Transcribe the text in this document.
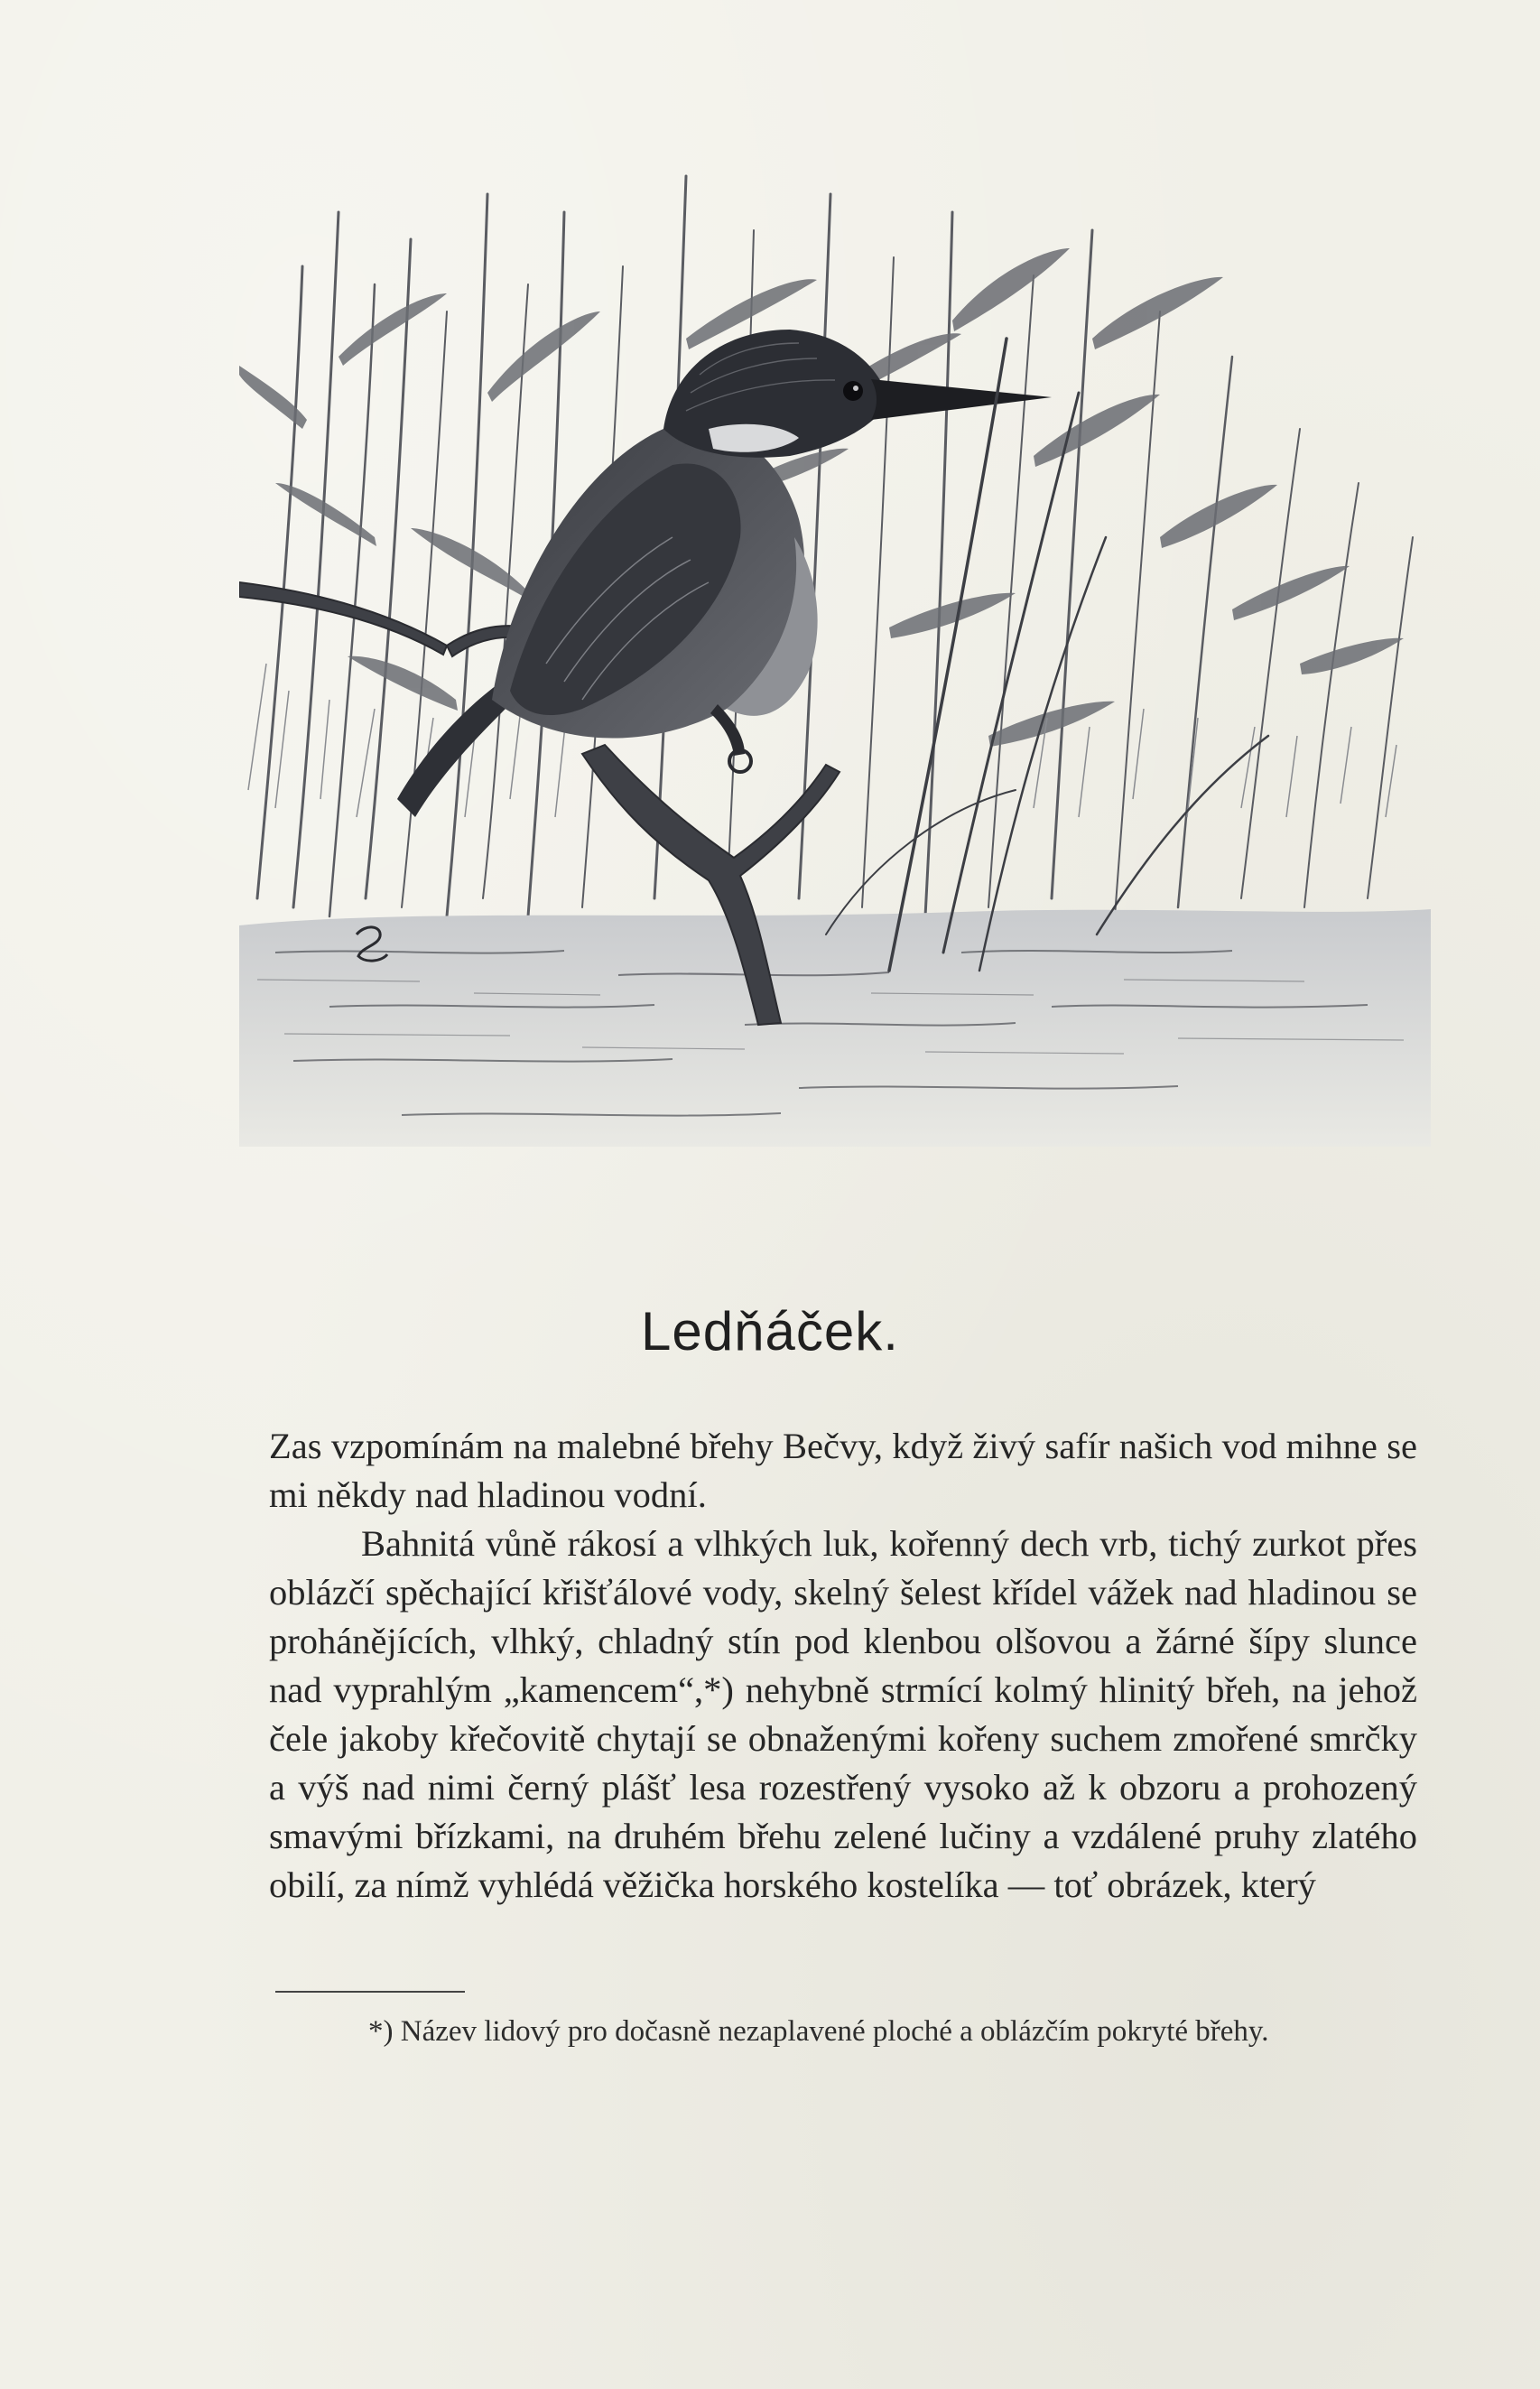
Ledňáček.

Zas vzpomínám na malebné břehy Bečvy, když živý safír našich vod mihne se mi někdy nad hladinou vodní.

Bahnitá vůně rákosí a vlhkých luk, kořenný dech vrb, tichý zurkot přes oblázčí spěchající křišťálové vody, skelný šelest křídel vážek nad hladinou se prohánějících, vlhký, chladný stín pod klenbou olšovou a žárné šípy slunce nad vyprahlým „kamencem“,*) nehybně strmící kolmý hlinitý břeh, na jehož čele jakoby křečovitě chytají se obnaženými kořeny suchem zmořené smrčky a výš nad nimi černý plášť lesa rozestřený vysoko až k obzoru a prohozený smavými břízkami, na druhém břehu zelené lučiny a vzdálené pruhy zlatého obilí, za nímž vyhlédá věžička horského kostelíka — toť obrázek, který

*) Název lidový pro dočasně nezaplavené ploché a oblázčím pokryté břehy.
